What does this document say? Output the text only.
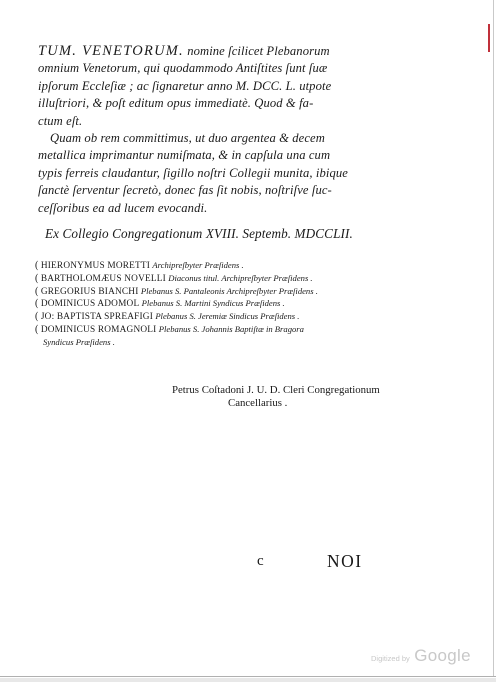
TUM. VENETORUM. nomine ſcilicet Plebanorum
omnium Venetorum, qui quodammodo Antiſtites ſunt ſuæ
ipſorum Eccleſiæ ; ac ſignaretur anno M. DCC. L. utpote
illuſtriori, & poſt editum opus immediatè. Quod & fa-
ctum eſt.
Quam ob rem committimus, ut duo argentea & decem
metallica imprimantur numiſmata, & in capſula una cum
typis ferreis claudantur, ſigillo noſtri Collegii munita, ibique
ſanctè ſerventur ſecretò, donec fas ſit nobis, noſtriſve ſuc-
ceſſoribus ea ad lucem evocandi.
Ex Collegio Congregationum XVIII. Septemb. MDCCLII.
( HIERONYMUS MORETTI Archipreſbyter Præſidens .
( BARTHOLOMÆUS NOVELLI Diaconus titul. Archipreſbyter Præſidens .
( GREGORIUS BIANCHI Plebanus S. Pantaleonis Archipreſbyter Præſidens .
( DOMINICUS ADOMOL Plebanus S. Martini Syndicus Præſidens .
( JO: BAPTISTA SPREAFIGI Plebanus S. Jeremiæ Sindicus Præſidens .
( DOMINICUS ROMAGNOLI Plebanus S. Johannis Baptiſtæ in Bragora
Syndicus Præſidens .
Petrus Coſtadoni J. U. D. Cleri Congregationum
Cancellarius .
c	NOI
Digitized by Google
